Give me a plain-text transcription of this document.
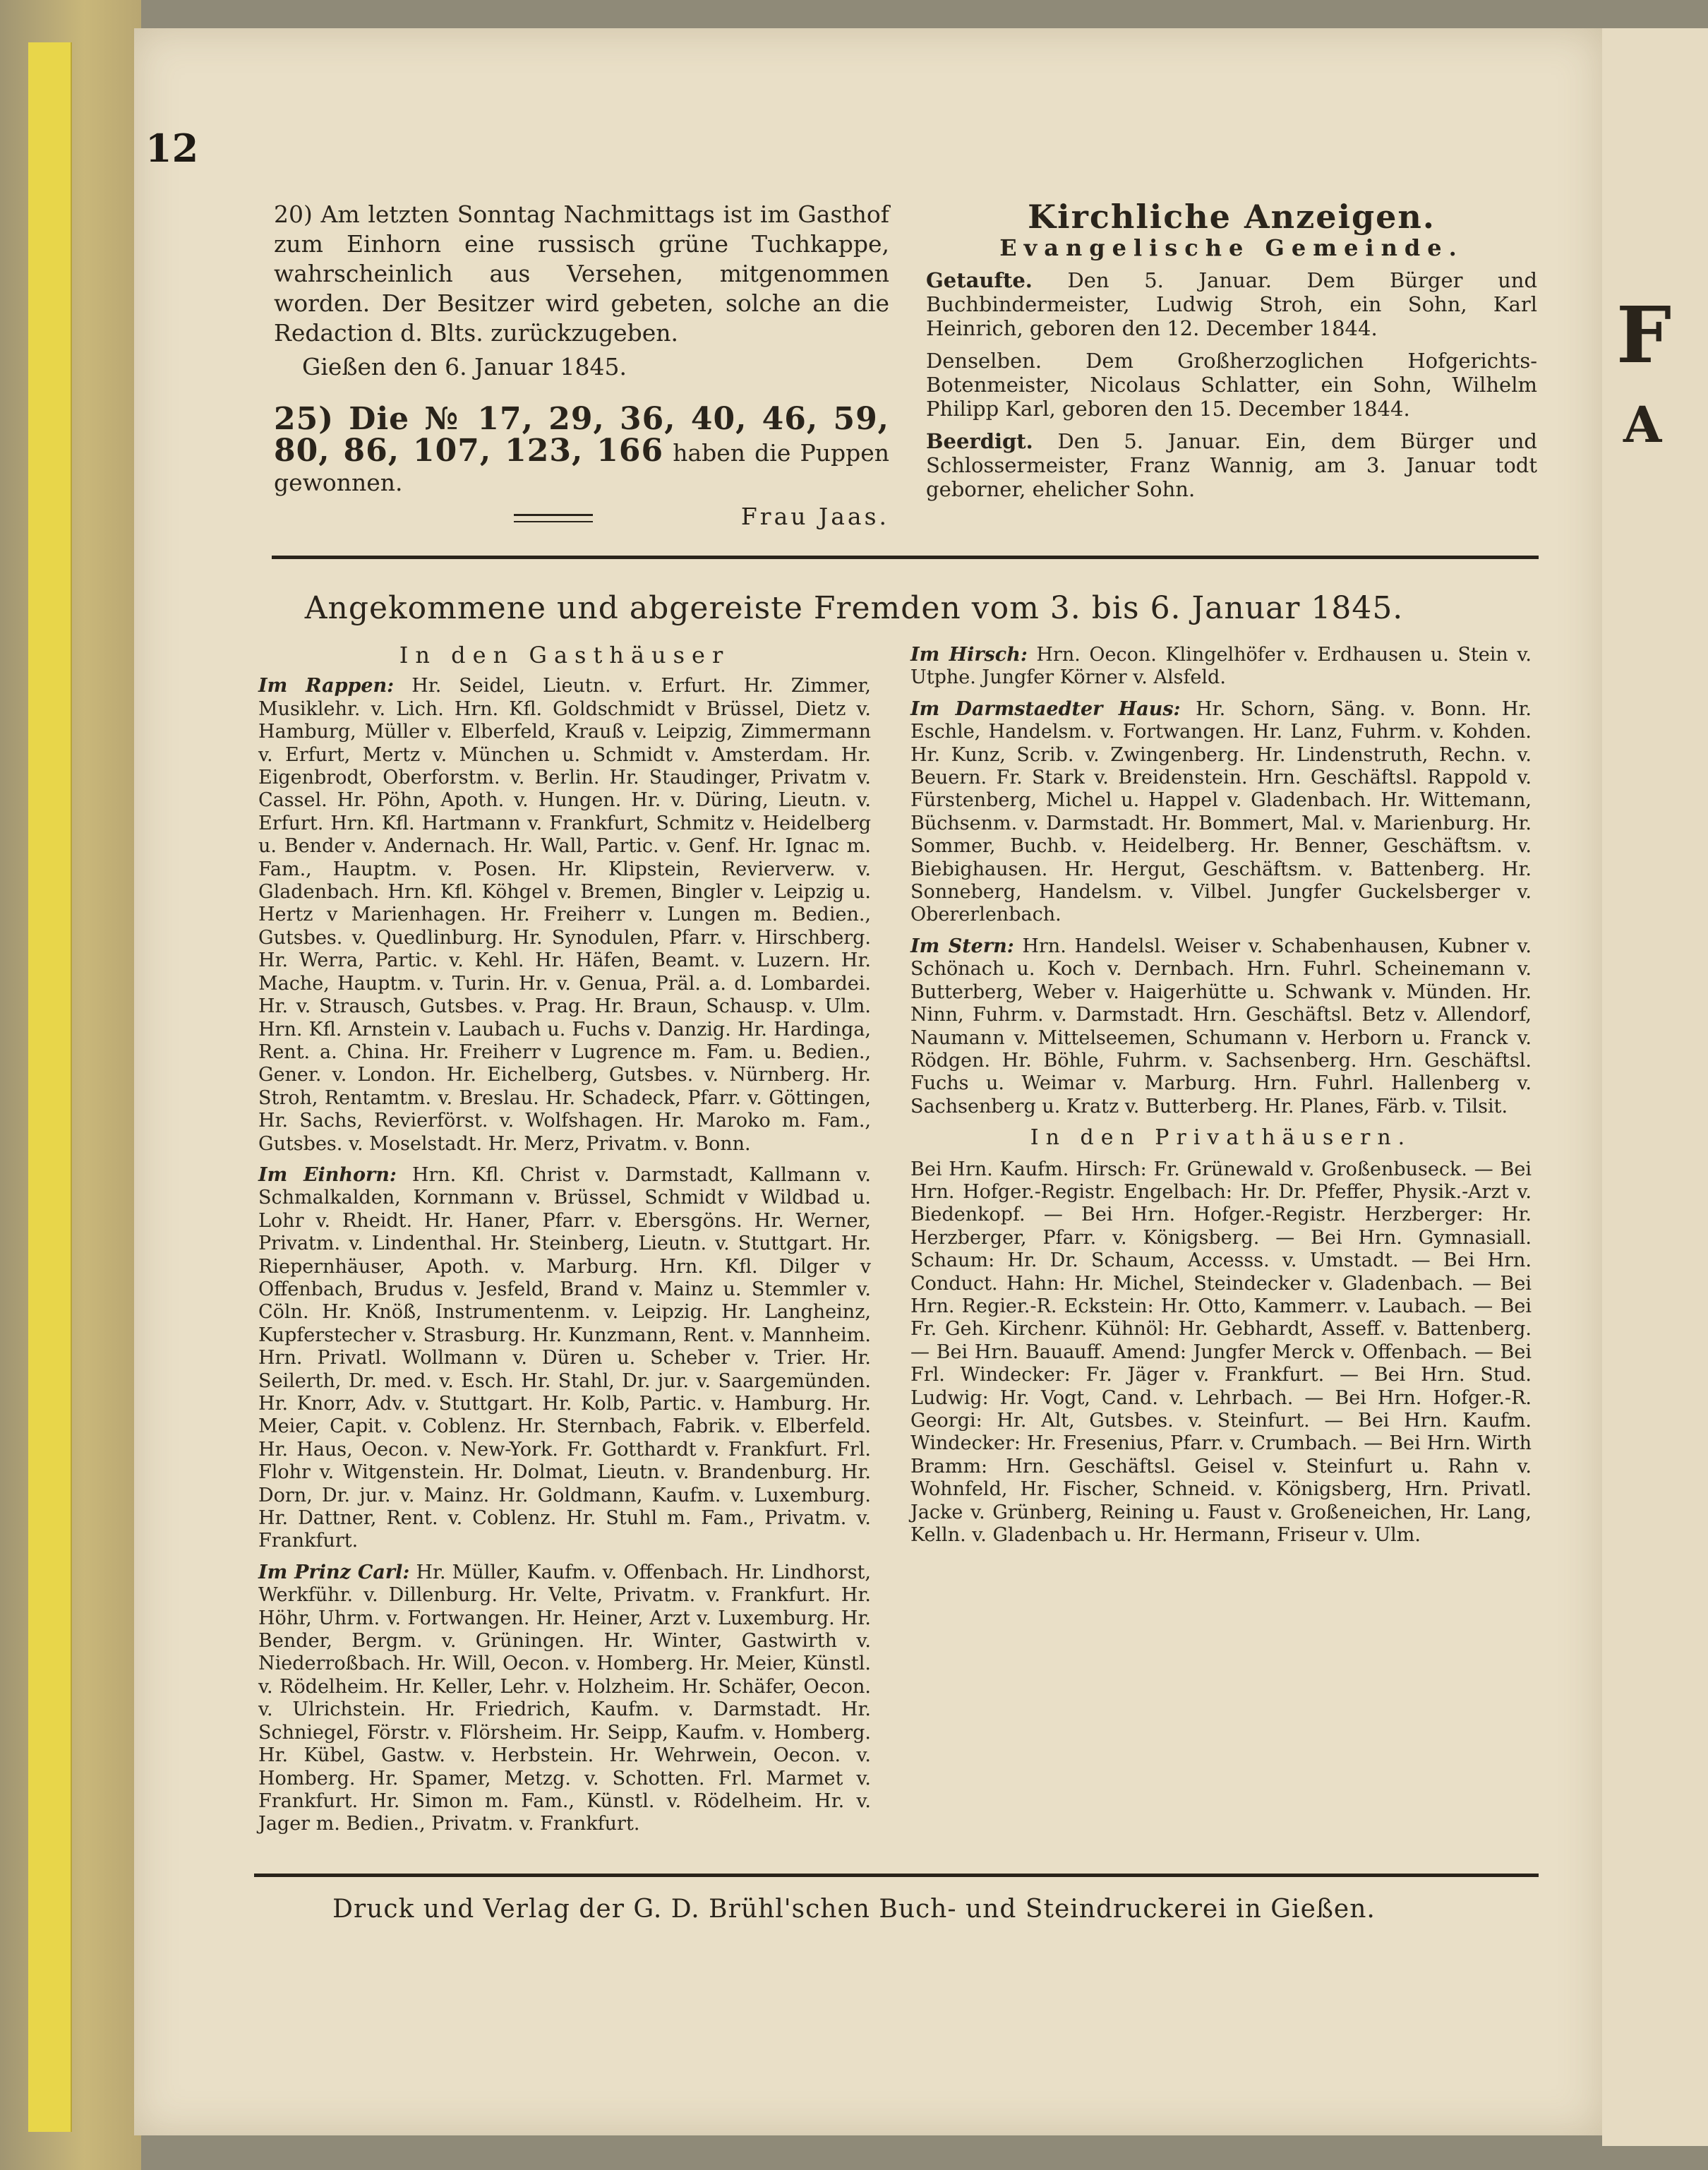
F
A
12

20) Am letzten Sonntag Nachmittags ist im Gasthof zum Einhorn eine russisch grüne Tuchkappe, wahrscheinlich aus Versehen, mitgenommen worden. Der Besitzer wird gebeten, solche an die Redaction d. Blts. zurückzugeben.

Gießen den 6. Januar 1845.

25) Die № 17, 29, 36, 40, 46, 59, 80, 86, 107, 123, 166 haben die Puppen gewonnen.

Frau Jaas.

Kirchliche Anzeigen.

Evangelische Gemeinde.

Getaufte. Den 5. Januar. Dem Bürger und Buchbindermeister, Ludwig Stroh, ein Sohn, Karl Heinrich, geboren den 12. December 1844.

Denselben. Dem Großherzoglichen Hofgerichts-Botenmeister, Nicolaus Schlatter, ein Sohn, Wilhelm Philipp Karl, geboren den 15. December 1844.

Beerdigt. Den 5. Januar. Ein, dem Bürger und Schlossermeister, Franz Wannig, am 3. Januar todt geborner, ehelicher Sohn.

Angekommene und abgereiste Fremden vom 3. bis 6. Januar 1845.

In den Gasthäuser

Im Rappen: Hr. Seidel, Lieutn. v. Erfurt. Hr. Zimmer, Musiklehr. v. Lich. Hrn. Kfl. Goldschmidt v Brüssel, Dietz v. Hamburg, Müller v. Elberfeld, Krauß v. Leipzig, Zimmermann v. Erfurt, Mertz v. München u. Schmidt v. Amsterdam. Hr. Eigenbrodt, Oberforstm. v. Berlin. Hr. Staudinger, Privatm v. Cassel. Hr. Pöhn, Apoth. v. Hungen. Hr. v. Düring, Lieutn. v. Erfurt. Hrn. Kfl. Hartmann v. Frankfurt, Schmitz v. Heidelberg u. Bender v. Andernach. Hr. Wall, Partic. v. Genf. Hr. Ignac m. Fam., Hauptm. v. Posen. Hr. Klipstein, Revierverw. v. Gladenbach. Hrn. Kfl. Köhgel v. Bremen, Bingler v. Leipzig u. Hertz v Marienhagen. Hr. Freiherr v. Lungen m. Bedien., Gutsbes. v. Quedlinburg. Hr. Synodulen, Pfarr. v. Hirschberg. Hr. Werra, Partic. v. Kehl. Hr. Häfen, Beamt. v. Luzern. Hr. Mache, Hauptm. v. Turin. Hr. v. Genua, Präl. a. d. Lombardei. Hr. v. Strausch, Gutsbes. v. Prag. Hr. Braun, Schausp. v. Ulm. Hrn. Kfl. Arnstein v. Laubach u. Fuchs v. Danzig. Hr. Hardinga, Rent. a. China. Hr. Freiherr v Lugrence m. Fam. u. Bedien., Gener. v. London. Hr. Eichelberg, Gutsbes. v. Nürnberg. Hr. Stroh, Rentamtm. v. Breslau. Hr. Schadeck, Pfarr. v. Göttingen, Hr. Sachs, Revierförst. v. Wolfshagen. Hr. Maroko m. Fam., Gutsbes. v. Moselstadt. Hr. Merz, Privatm. v. Bonn.

Im Einhorn: Hrn. Kfl. Christ v. Darmstadt, Kallmann v. Schmalkalden, Kornmann v. Brüssel, Schmidt v Wildbad u. Lohr v. Rheidt. Hr. Haner, Pfarr. v. Ebersgöns. Hr. Werner, Privatm. v. Lindenthal. Hr. Steinberg, Lieutn. v. Stuttgart. Hr. Riepernhäuser, Apoth. v. Marburg. Hrn. Kfl. Dilger v Offenbach, Brudus v. Jesfeld, Brand v. Mainz u. Stemmler v. Cöln. Hr. Knöß, Instrumentenm. v. Leipzig. Hr. Langheinz, Kupferstecher v. Strasburg. Hr. Kunzmann, Rent. v. Mannheim. Hrn. Privatl. Wollmann v. Düren u. Scheber v. Trier. Hr. Seilerth, Dr. med. v. Esch. Hr. Stahl, Dr. jur. v. Saargemünden. Hr. Knorr, Adv. v. Stuttgart. Hr. Kolb, Partic. v. Hamburg. Hr. Meier, Capit. v. Coblenz. Hr. Sternbach, Fabrik. v. Elberfeld. Hr. Haus, Oecon. v. New-York. Fr. Gotthardt v. Frankfurt. Frl. Flohr v. Witgenstein. Hr. Dolmat, Lieutn. v. Brandenburg. Hr. Dorn, Dr. jur. v. Mainz. Hr. Goldmann, Kaufm. v. Luxemburg. Hr. Dattner, Rent. v. Coblenz. Hr. Stuhl m. Fam., Privatm. v. Frankfurt.

Im Prinz Carl: Hr. Müller, Kaufm. v. Offenbach. Hr. Lindhorst, Werkführ. v. Dillenburg. Hr. Velte, Privatm. v. Frankfurt. Hr. Höhr, Uhrm. v. Fortwangen. Hr. Heiner, Arzt v. Luxemburg. Hr. Bender, Bergm. v. Grüningen. Hr. Winter, Gastwirth v. Niederroßbach. Hr. Will, Oecon. v. Homberg. Hr. Meier, Künstl. v. Rödelheim. Hr. Keller, Lehr. v. Holzheim. Hr. Schäfer, Oecon. v. Ulrichstein. Hr. Friedrich, Kaufm. v. Darmstadt. Hr. Schniegel, Förstr. v. Flörsheim. Hr. Seipp, Kaufm. v. Homberg. Hr. Kübel, Gastw. v. Herbstein. Hr. Wehrwein, Oecon. v. Homberg. Hr. Spamer, Metzg. v. Schotten. Frl. Marmet v. Frankfurt. Hr. Simon m. Fam., Künstl. v. Rödelheim. Hr. v. Jager m. Bedien., Privatm. v. Frankfurt.

Im Hirsch: Hrn. Oecon. Klingelhöfer v. Erdhausen u. Stein v. Utphe. Jungfer Körner v. Alsfeld.

Im Darmstaedter Haus: Hr. Schorn, Säng. v. Bonn. Hr. Eschle, Handelsm. v. Fortwangen. Hr. Lanz, Fuhrm. v. Kohden. Hr. Kunz, Scrib. v. Zwingenberg. Hr. Lindenstruth, Rechn. v. Beuern. Fr. Stark v. Breidenstein. Hrn. Geschäftsl. Rappold v. Fürstenberg, Michel u. Happel v. Gladenbach. Hr. Wittemann, Büchsenm. v. Darmstadt. Hr. Bommert, Mal. v. Marienburg. Hr. Sommer, Buchb. v. Heidelberg. Hr. Benner, Geschäftsm. v. Biebighausen. Hr. Hergut, Geschäftsm. v. Battenberg. Hr. Sonneberg, Handelsm. v. Vilbel. Jungfer Guckelsberger v. Obererlenbach.

Im Stern: Hrn. Handelsl. Weiser v. Schabenhausen, Kubner v. Schönach u. Koch v. Dernbach. Hrn. Fuhrl. Scheinemann v. Butterberg, Weber v. Haigerhütte u. Schwank v. Münden. Hr. Ninn, Fuhrm. v. Darmstadt. Hrn. Geschäftsl. Betz v. Allendorf, Naumann v. Mittelseemen, Schumann v. Herborn u. Franck v. Rödgen. Hr. Böhle, Fuhrm. v. Sachsenberg. Hrn. Geschäftsl. Fuchs u. Weimar v. Marburg. Hrn. Fuhrl. Hallenberg v. Sachsenberg u. Kratz v. Butterberg. Hr. Planes, Färb. v. Tilsit.

In den Privathäusern.

Bei Hrn. Kaufm. Hirsch: Fr. Grünewald v. Großenbuseck. — Bei Hrn. Hofger.-Registr. Engelbach: Hr. Dr. Pfeffer, Physik.-Arzt v. Biedenkopf. — Bei Hrn. Hofger.-Registr. Herzberger: Hr. Herzberger, Pfarr. v. Königsberg. — Bei Hrn. Gymnasiall. Schaum: Hr. Dr. Schaum, Accesss. v. Umstadt. — Bei Hrn. Conduct. Hahn: Hr. Michel, Steindecker v. Gladenbach. — Bei Hrn. Regier.-R. Eckstein: Hr. Otto, Kammerr. v. Laubach. — Bei Fr. Geh. Kirchenr. Kühnöl: Hr. Gebhardt, Asseff. v. Battenberg. — Bei Hrn. Bauauff. Amend: Jungfer Merck v. Offenbach. — Bei Frl. Windecker: Fr. Jäger v. Frankfurt. — Bei Hrn. Stud. Ludwig: Hr. Vogt, Cand. v. Lehrbach. — Bei Hrn. Hofger.-R. Georgi: Hr. Alt, Gutsbes. v. Steinfurt. — Bei Hrn. Kaufm. Windecker: Hr. Fresenius, Pfarr. v. Crumbach. — Bei Hrn. Wirth Bramm: Hrn. Geschäftsl. Geisel v. Steinfurt u. Rahn v. Wohnfeld, Hr. Fischer, Schneid. v. Königsberg, Hrn. Privatl. Jacke v. Grünberg, Reining u. Faust v. Großeneichen, Hr. Lang, Kelln. v. Gladenbach u. Hr. Hermann, Friseur v. Ulm.

Druck und Verlag der G. D. Brühl'schen Buch- und Steindruckerei in Gießen.
